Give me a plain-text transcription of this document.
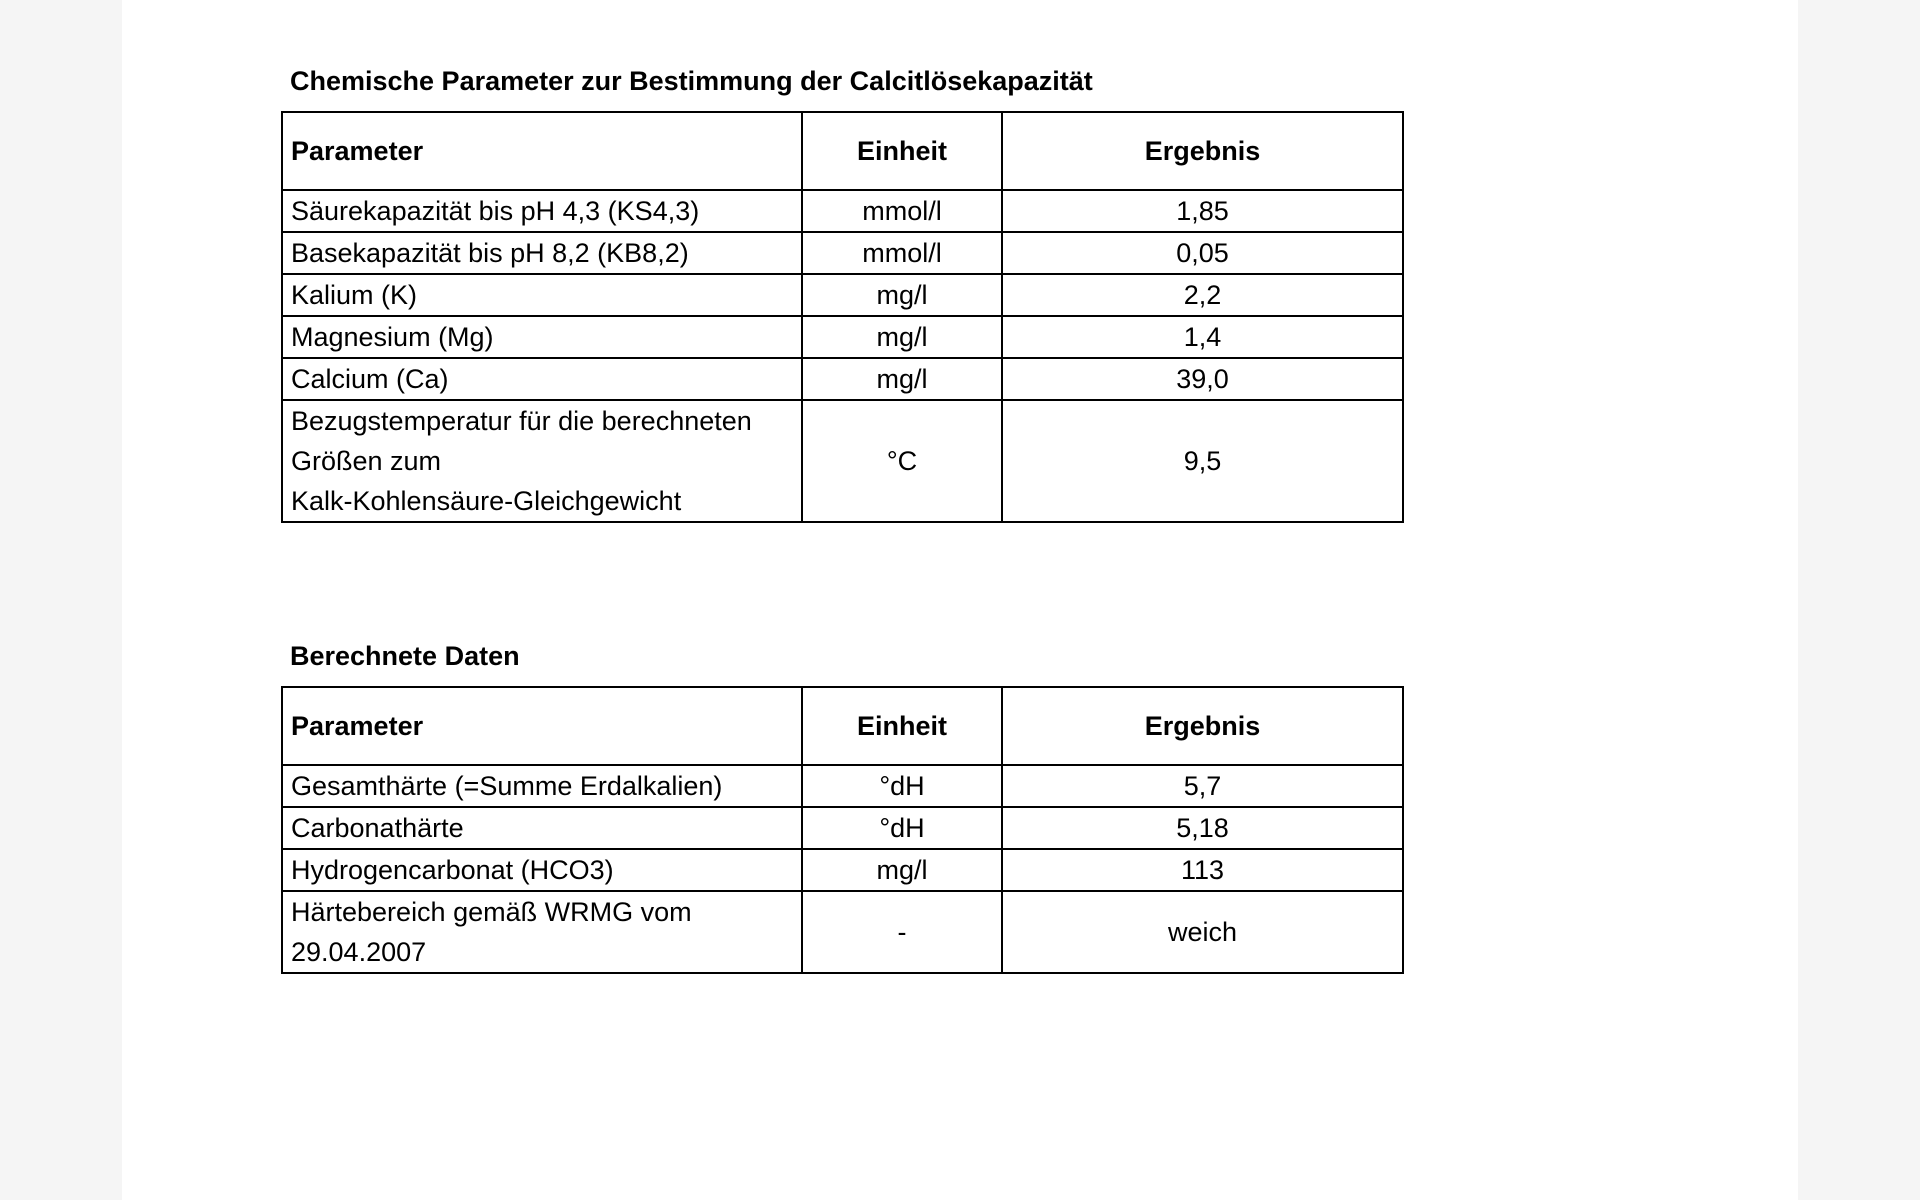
Chemische Parameter zur Bestimmung der Calcitlösekapazität
Parameter	Einheit	Ergebnis
Säurekapazität bis pH 4,3 (KS4,3)	mmol/l	1,85
Basekapazität bis pH 8,2 (KB8,2)	mmol/l	0,05
Kalium (K)	mg/l	2,2
Magnesium (Mg)	mg/l	1,4
Calcium (Ca)	mg/l	39,0

Bezugstemperatur für die berechneten
Größen zum
Kalk-Kohlensäure-Gleichgewicht	°C	9,5
Berechnete Daten
Parameter	Einheit	Ergebnis
Gesamthärte (=Summe Erdalkalien)	°dH	5,7
Carbonathärte	°dH	5,18
Hydrogencarbonat (HCO3)	mg/l	113

Härtebereich gemäß WRMG vom
29.04.2007	-	weich
